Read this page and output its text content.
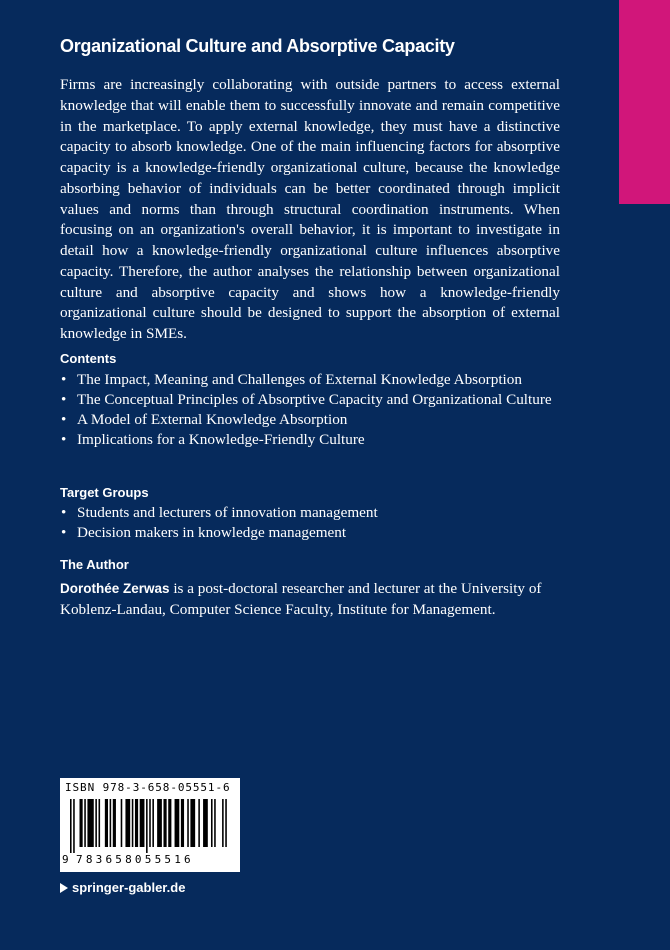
Organizational Culture and Absorptive Capacity

Firms are increasingly collaborating with outside partners to access external knowledge that will enable them to successfully innovate and remain competitive in the marketplace. To apply external knowledge, they must have a distinctive capacity to absorb knowledge. One of the main influencing factors for absorptive capacity is a knowledge-friendly organizational culture, because the knowledge absorbing behavior of individuals can be better coordinated through implicit values and norms than through structural coordination instruments. When focusing on an organization's overall behavior, it is important to investigate in detail how a knowledge-friendly organizational culture influences absorptive capacity. Therefore, the author analyses the relationship between organizational culture and absorptive capacity and shows how a knowledge-friendly organizational culture should be designed to support the absorption of external knowledge in SMEs.

Contents
• The Impact, Meaning and Challenges of External Knowledge Absorption
• The Conceptual Principles of Absorptive Capacity and Organizational Culture
• A Model of External Knowledge Absorption
• Implications for a Knowledge-Friendly Culture
Target Groups
• Students and lecturers of innovation management
• Decision makers in knowledge management
The Author

Dorothée Zerwas is a post-doctoral researcher and lecturer at the University of Koblenz-Landau, Computer Science Faculty, Institute for Management.

ISBN 978-3-658-05551-6
9 783658055516
springer-gabler.de
